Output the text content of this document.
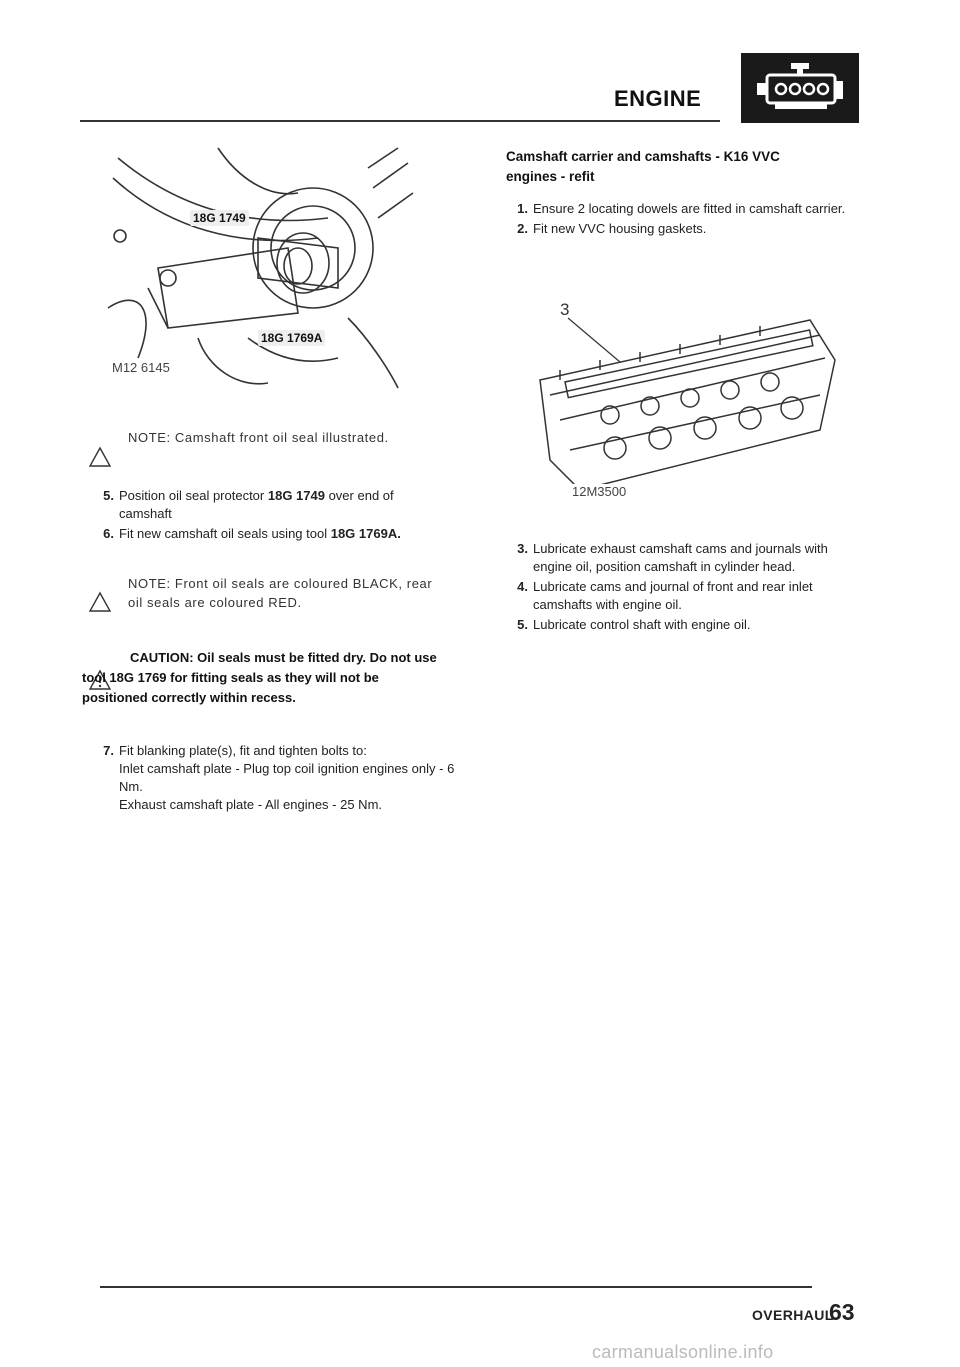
ENGINE
18G 1749
18G 1769A
M12 6145
NOTE: Camshaft front oil seal illustrated.
5. Position oil seal protector 18G 1749 over end of camshaft
6. Fit new camshaft oil seals using tool 18G 1769A.
NOTE: Front oil seals are coloured BLACK, rear oil seals are coloured RED.
CAUTION: Oil seals must be fitted dry. Do not use tool 18G 1769 for fitting seals as they will not be positioned correctly within recess.
7. Fit blanking plate(s), fit and tighten bolts to:
Inlet camshaft plate - Plug top coil ignition engines only - 6 Nm.
Exhaust camshaft plate - All engines - 25 Nm.
Camshaft carrier and camshafts - K16 VVC engines - refit
1. Ensure 2 locating dowels are fitted in camshaft carrier.
2. Fit new VVC housing gaskets.
3
12M3500
3. Lubricate exhaust camshaft cams and journals with engine oil, position camshaft in cylinder head.
4. Lubricate cams and journal of front and rear inlet camshafts with engine oil.
5. Lubricate control shaft with engine oil.
OVERHAUL
63
carmanualsonline.info
